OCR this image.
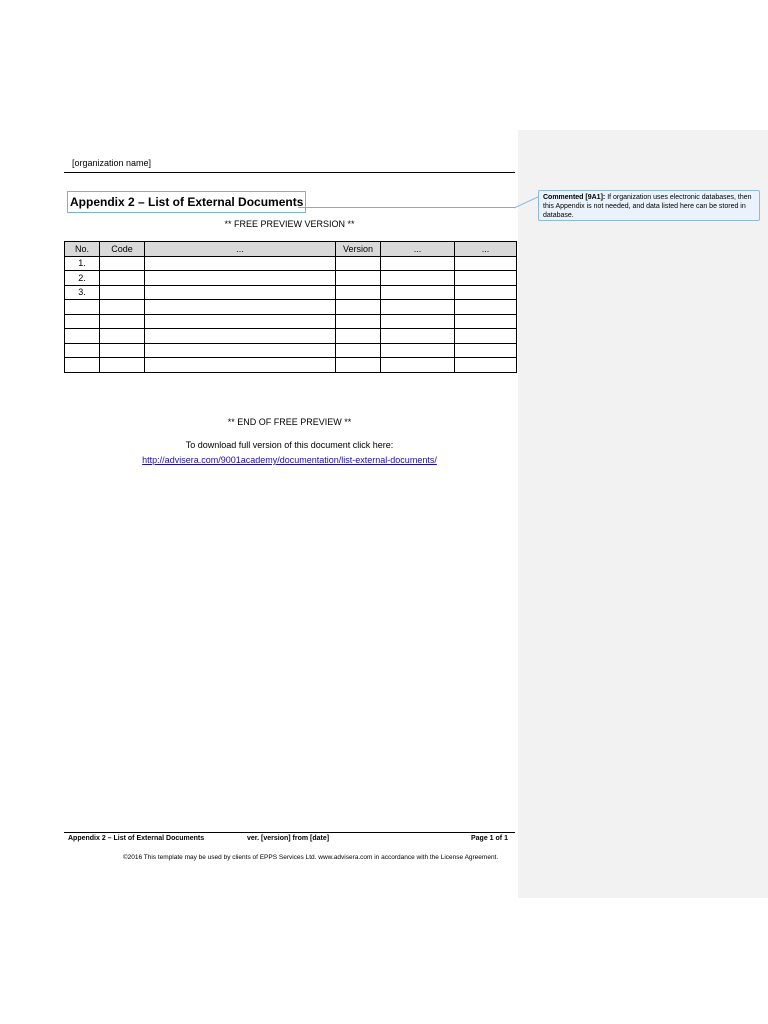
[organization name]
Appendix 2 – List of External Documents
** FREE PREVIEW VERSION **
No.	Code	...	Version	...	...
1.					
2.					
3.					

** END OF FREE PREVIEW **
To download full version of this document click here:
http://advisera.com/9001academy/documentation/list-external-documents/
Appendix 2 – List of External Documents	ver. [version] from [date]	Page 1 of 1
©2016 This template may be used by clients of EPPS Services Ltd. www.advisera.com in accordance with the License Agreement.
Commented [9A1]: If organization uses electronic databases, then this Appendix is not needed, and data listed here can be stored in database.
